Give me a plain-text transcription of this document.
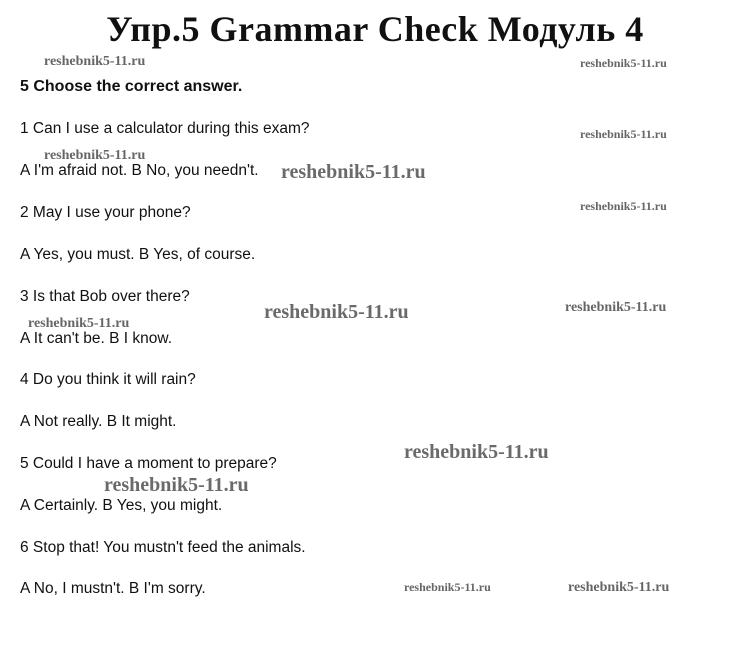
Упр.5 Grammar Check Модуль 4

5 Choose the correct answer.

1 Can I use a calculator during this exam?

A I'm afraid not. B No, you needn't.

2 May I use your phone?

A Yes, you must. B Yes, of course.

3 Is that Bob over there?

A It can't be. B I know.

4 Do you think it will rain?

A Not really. B It might.

5 Could I have a moment to prepare?

A Certainly. B Yes, you might.

6 Stop that! You mustn't feed the animals.

A No, I mustn't. B I'm sorry.

reshebnik5-11.ru	reshebnik5-11.ru
reshebnik5-11.ru
reshebnik5-11.ru
reshebnik5-11.ru
reshebnik5-11.ru
reshebnik5-11.ru	reshebnik5-11.ru
reshebnik5-11.ru
reshebnik5-11.ru
reshebnik5-11.ru
reshebnik5-11.ru	reshebnik5-11.ru
